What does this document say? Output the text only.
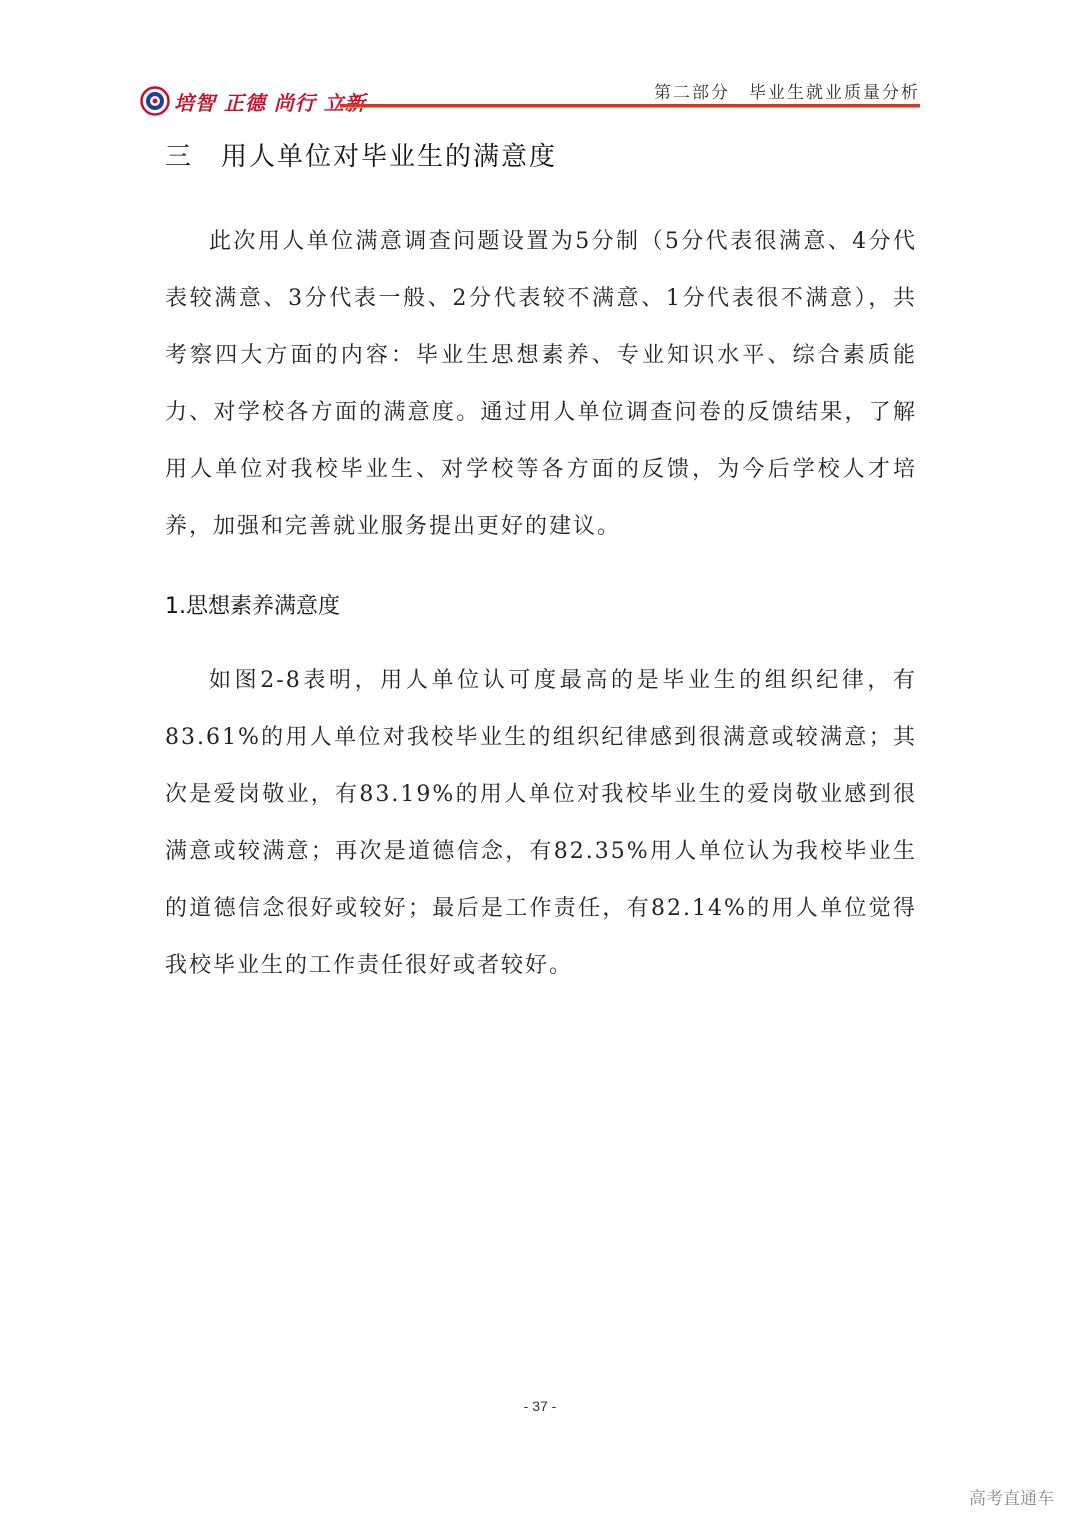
培智 正德 尚行 立新	第二部分　毕业生就业质量分析
三 用人单位对毕业生的满意度

此次用人单位满意调查问题设置为5分制（5分代表很满意、4分代表较满意、3分代表一般、2分代表较不满意、1分代表很不满意），共考察四大方面的内容：毕业生思想素养、专业知识水平、综合素质能力、对学校各方面的满意度。通过用人单位调查问卷的反馈结果，了解用人单位对我校毕业生、对学校等各方面的反馈，为今后学校人才培养，加强和完善就业服务提出更好的建议。

1.思想素养满意度

如图2-8表明，用人单位认可度最高的是毕业生的组织纪律，有83.61%的用人单位对我校毕业生的组织纪律感到很满意或较满意；其次是爱岗敬业，有83.19%的用人单位对我校毕业生的爱岗敬业感到很满意或较满意；再次是道德信念，有82.35%用人单位认为我校毕业生的道德信念很好或较好；最后是工作责任，有82.14%的用人单位觉得我校毕业生的工作责任很好或者较好。

- 37 -
高考直通车
